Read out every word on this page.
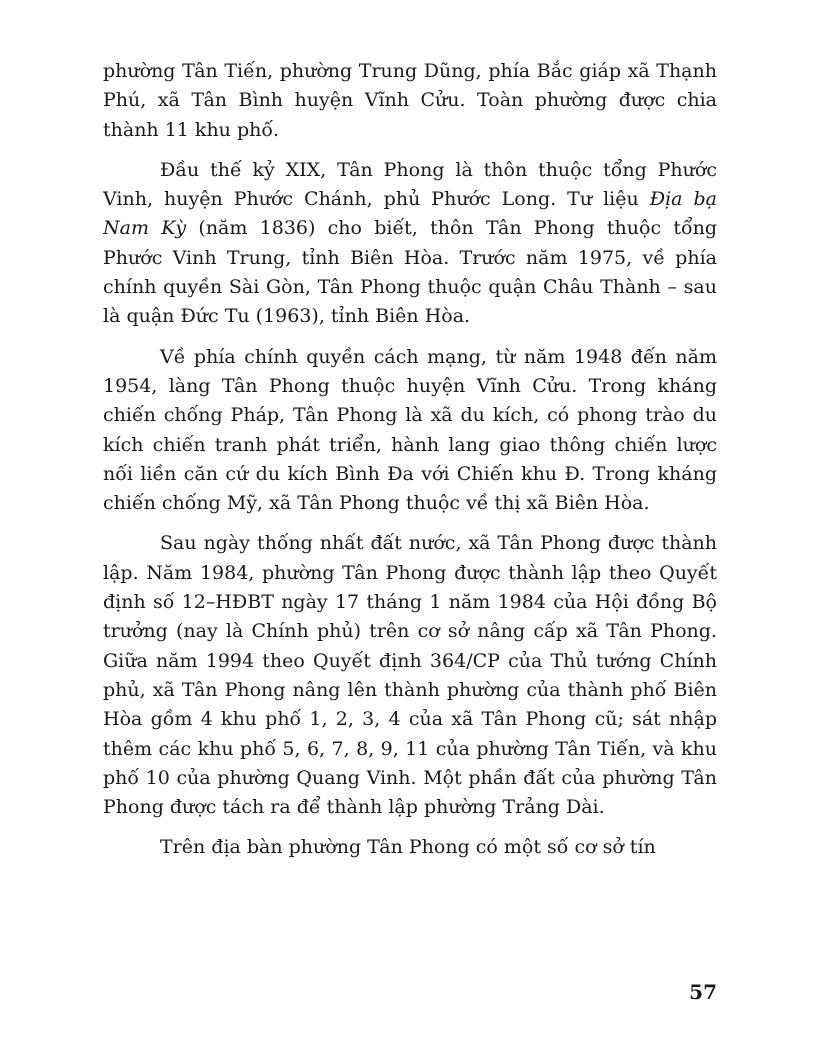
phường Tân Tiến, phường Trung Dũng, phía Bắc giáp xã Thạnh Phú, xã Tân Bình huyện Vĩnh Cửu. Toàn phường được chia thành 11 khu phố.

Đầu thế kỷ XIX, Tân Phong là thôn thuộc tổng Phước Vinh, huyện Phước Chánh, phủ Phước Long. Tư liệu Địa bạ Nam Kỳ (năm 1836) cho biết, thôn Tân Phong thuộc tổng Phước Vinh Trung, tỉnh Biên Hòa. Trước năm 1975, về phía chính quyền Sài Gòn, Tân Phong thuộc quận Châu Thành – sau là quận Đức Tu (1963), tỉnh Biên Hòa.

Về phía chính quyền cách mạng, từ năm 1948 đến năm 1954, làng Tân Phong thuộc huyện Vĩnh Cửu. Trong kháng chiến chống Pháp, Tân Phong là xã du kích, có phong trào du kích chiến tranh phát triển, hành lang giao thông chiến lược nối liền căn cứ du kích Bình Đa với Chiến khu Đ. Trong kháng chiến chống Mỹ, xã Tân Phong thuộc về thị xã Biên Hòa.

Sau ngày thống nhất đất nước, xã Tân Phong được thành lập. Năm 1984, phường Tân Phong được thành lập theo Quyết định số 12–HĐBT ngày 17 tháng 1 năm 1984 của Hội đồng Bộ trưởng (nay là Chính phủ) trên cơ sở nâng cấp xã Tân Phong. Giữa năm 1994 theo Quyết định 364/CP của Thủ tướng Chính phủ, xã Tân Phong nâng lên thành phường của thành phố Biên Hòa gồm 4 khu phố 1, 2, 3, 4 của xã Tân Phong cũ; sát nhập thêm các khu phố 5, 6, 7, 8, 9, 11 của phường Tân Tiến, và khu phố 10 của phường Quang Vinh. Một phần đất của phường Tân Phong được tách ra để thành lập phường Trảng Dài.

Trên địa bàn phường Tân Phong có một số cơ sở tín

57
